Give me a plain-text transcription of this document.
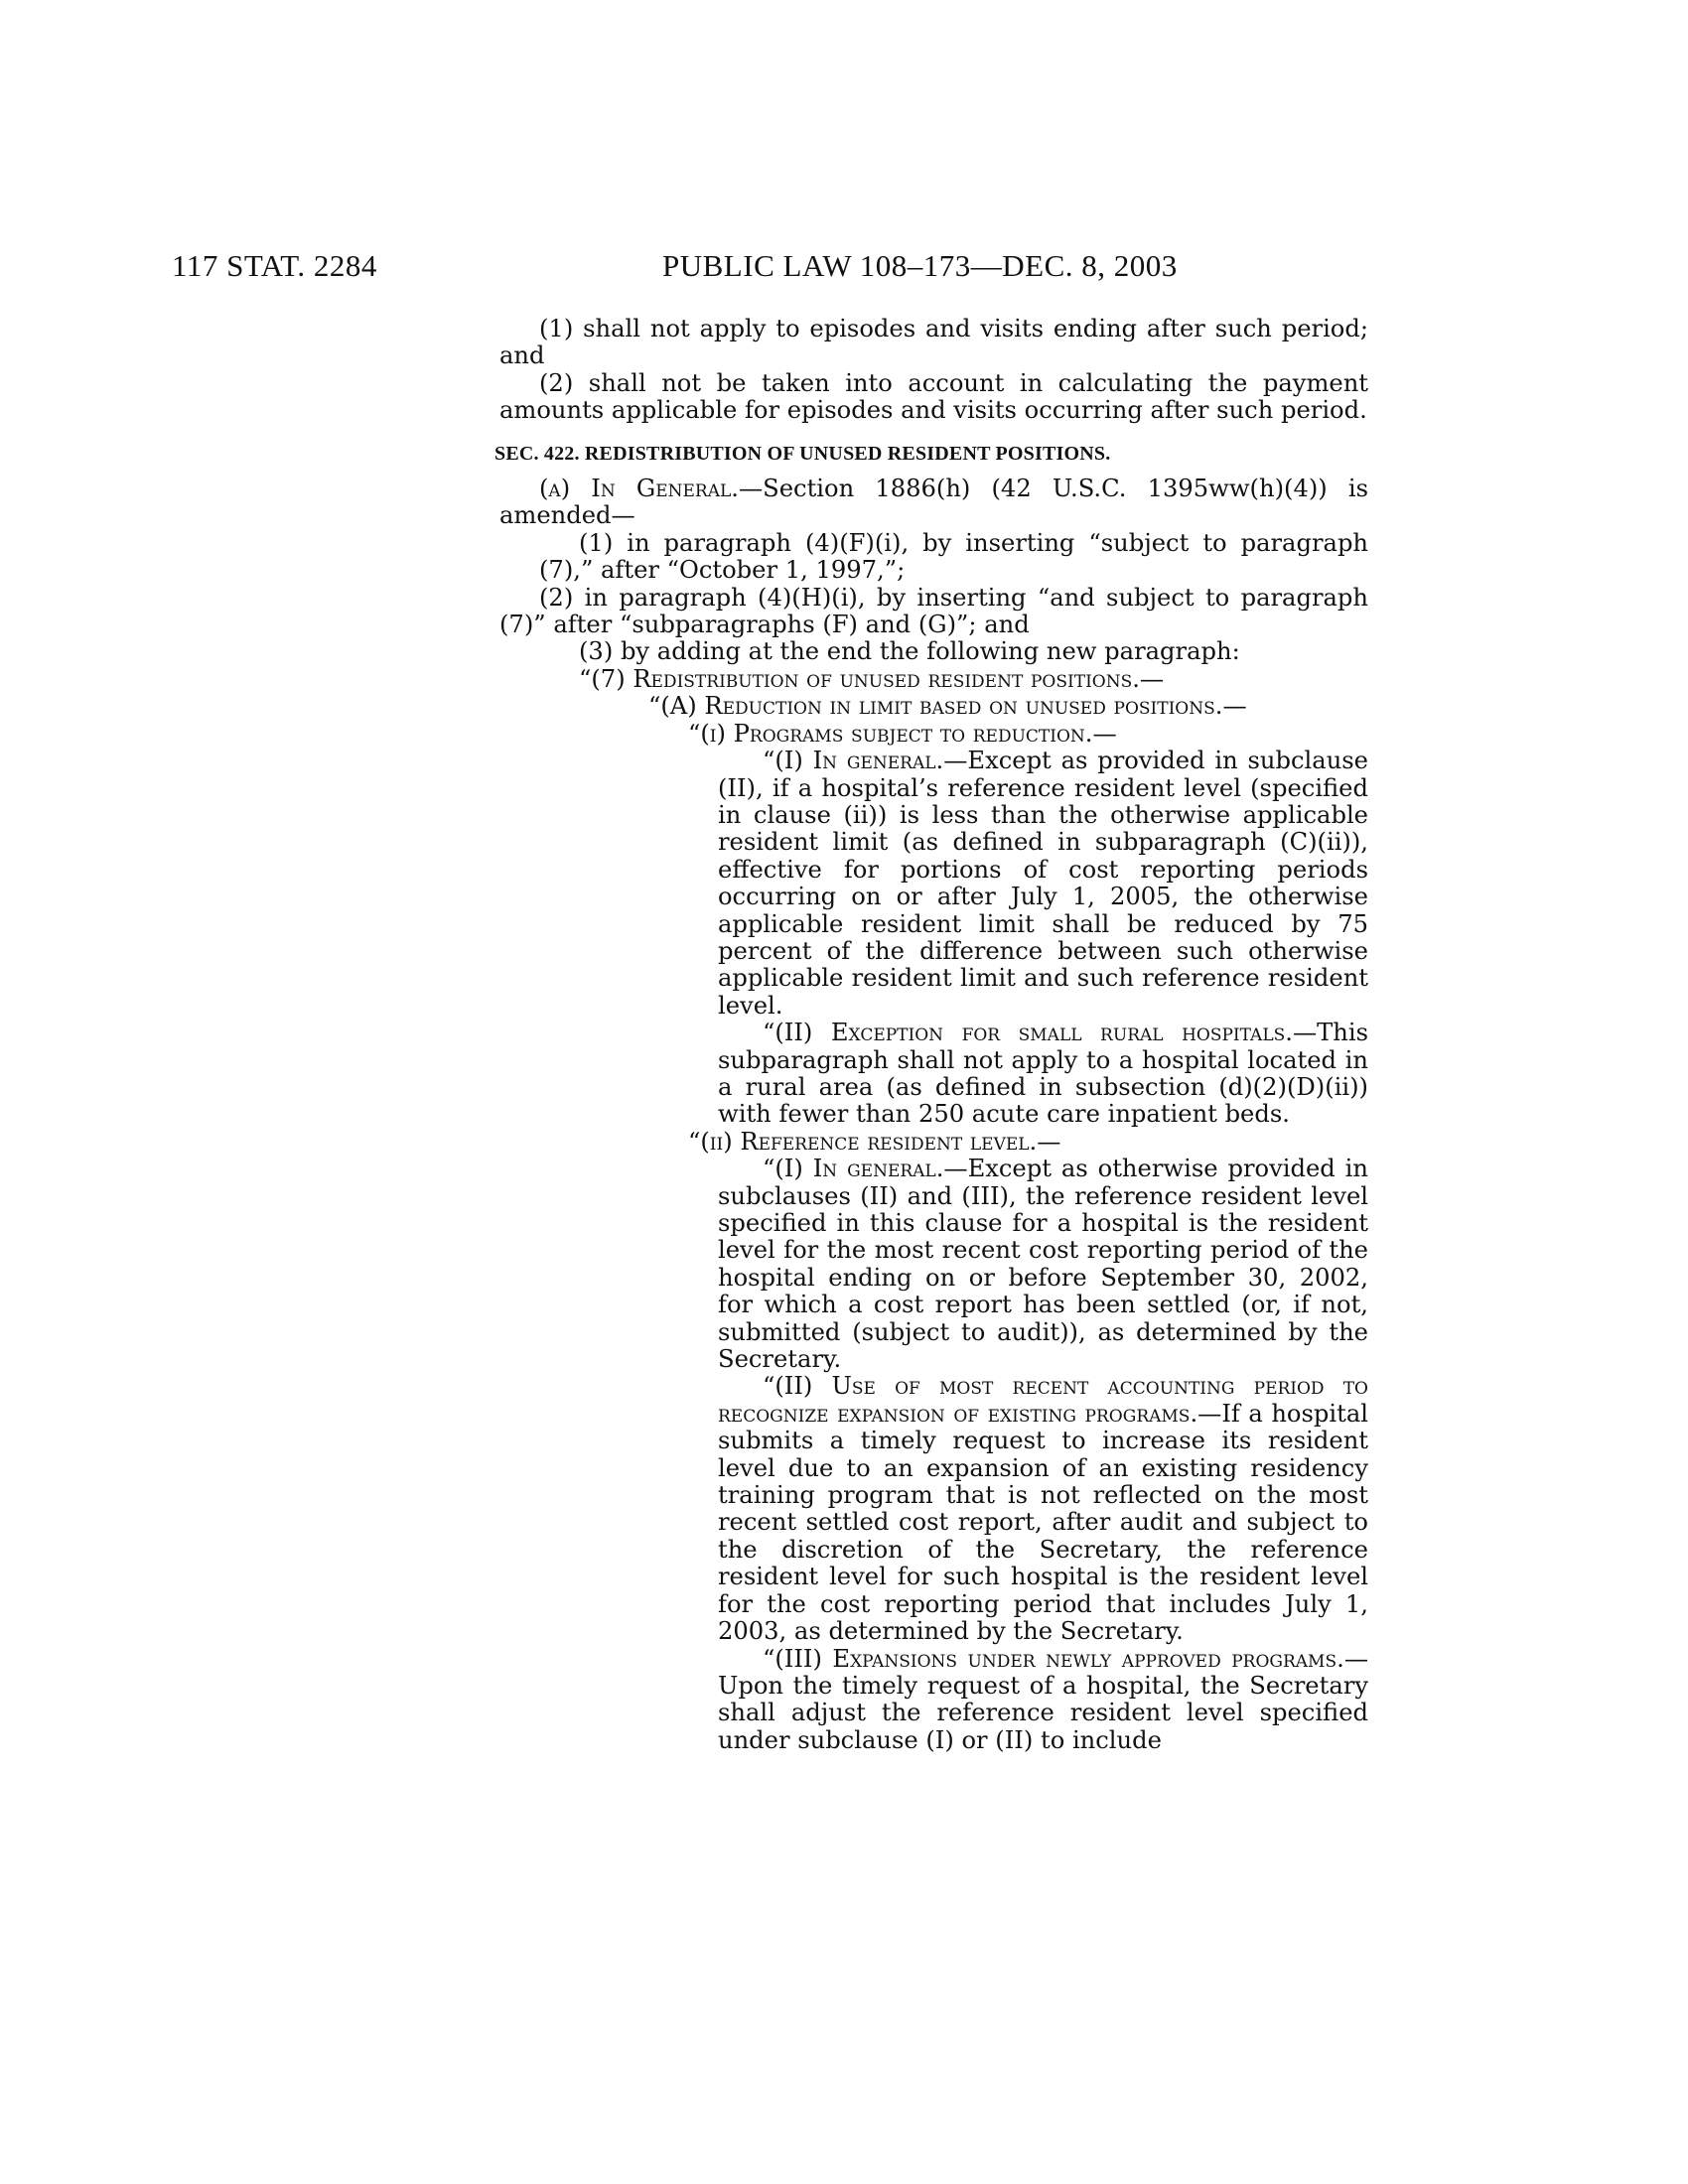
117 STAT. 2284	PUBLIC LAW 108–173—DEC. 8, 2003

(1) shall not apply to episodes and visits ending after such period; and

(2) shall not be taken into account in calculating the payment amounts applicable for episodes and visits occurring after such period.

SEC. 422. REDISTRIBUTION OF UNUSED RESIDENT POSITIONS.

(a) In General.—Section 1886(h) (42 U.S.C. 1395ww(h)(4)) is amended—

(1) in paragraph (4)(F)(i), by inserting “subject to paragraph (7),” after “October 1, 1997,”;

(2) in paragraph (4)(H)(i), by inserting “and subject to paragraph (7)” after “subparagraphs (F) and (G)”; and

(3) by adding at the end the following new paragraph:

“(7) Redistribution of unused resident positions.—

“(A) Reduction in limit based on unused positions.—

“(i) Programs subject to reduction.—

“(I) In general.—Except as provided in subclause (II), if a hospital’s reference resident level (specified in clause (ii)) is less than the otherwise applicable resident limit (as defined in subparagraph (C)(ii)), effective for portions of cost reporting periods occurring on or after July 1, 2005, the otherwise applicable resident limit shall be reduced by 75 percent of the difference between such otherwise applicable resident limit and such reference resident level.

“(II) Exception for small rural hospitals.—This subparagraph shall not apply to a hospital located in a rural area (as defined in subsection (d)(2)(D)(ii)) with fewer than 250 acute care inpatient beds.

“(ii) Reference resident level.—

“(I) In general.—Except as otherwise provided in subclauses (II) and (III), the reference resident level specified in this clause for a hospital is the resident level for the most recent cost reporting period of the hospital ending on or before September 30, 2002, for which a cost report has been settled (or, if not, submitted (subject to audit)), as determined by the Secretary.

“(II) Use of most recent accounting period to recognize expansion of existing programs.—If a hospital submits a timely request to increase its resident level due to an expansion of an existing residency training program that is not reflected on the most recent settled cost report, after audit and subject to the discretion of the Secretary, the reference resident level for such hospital is the resident level for the cost reporting period that includes July 1, 2003, as determined by the Secretary.

“(III) Expansions under newly approved programs.—Upon the timely request of a hospital, the Secretary shall adjust the reference resident level specified under subclause (I) or (II) to include
